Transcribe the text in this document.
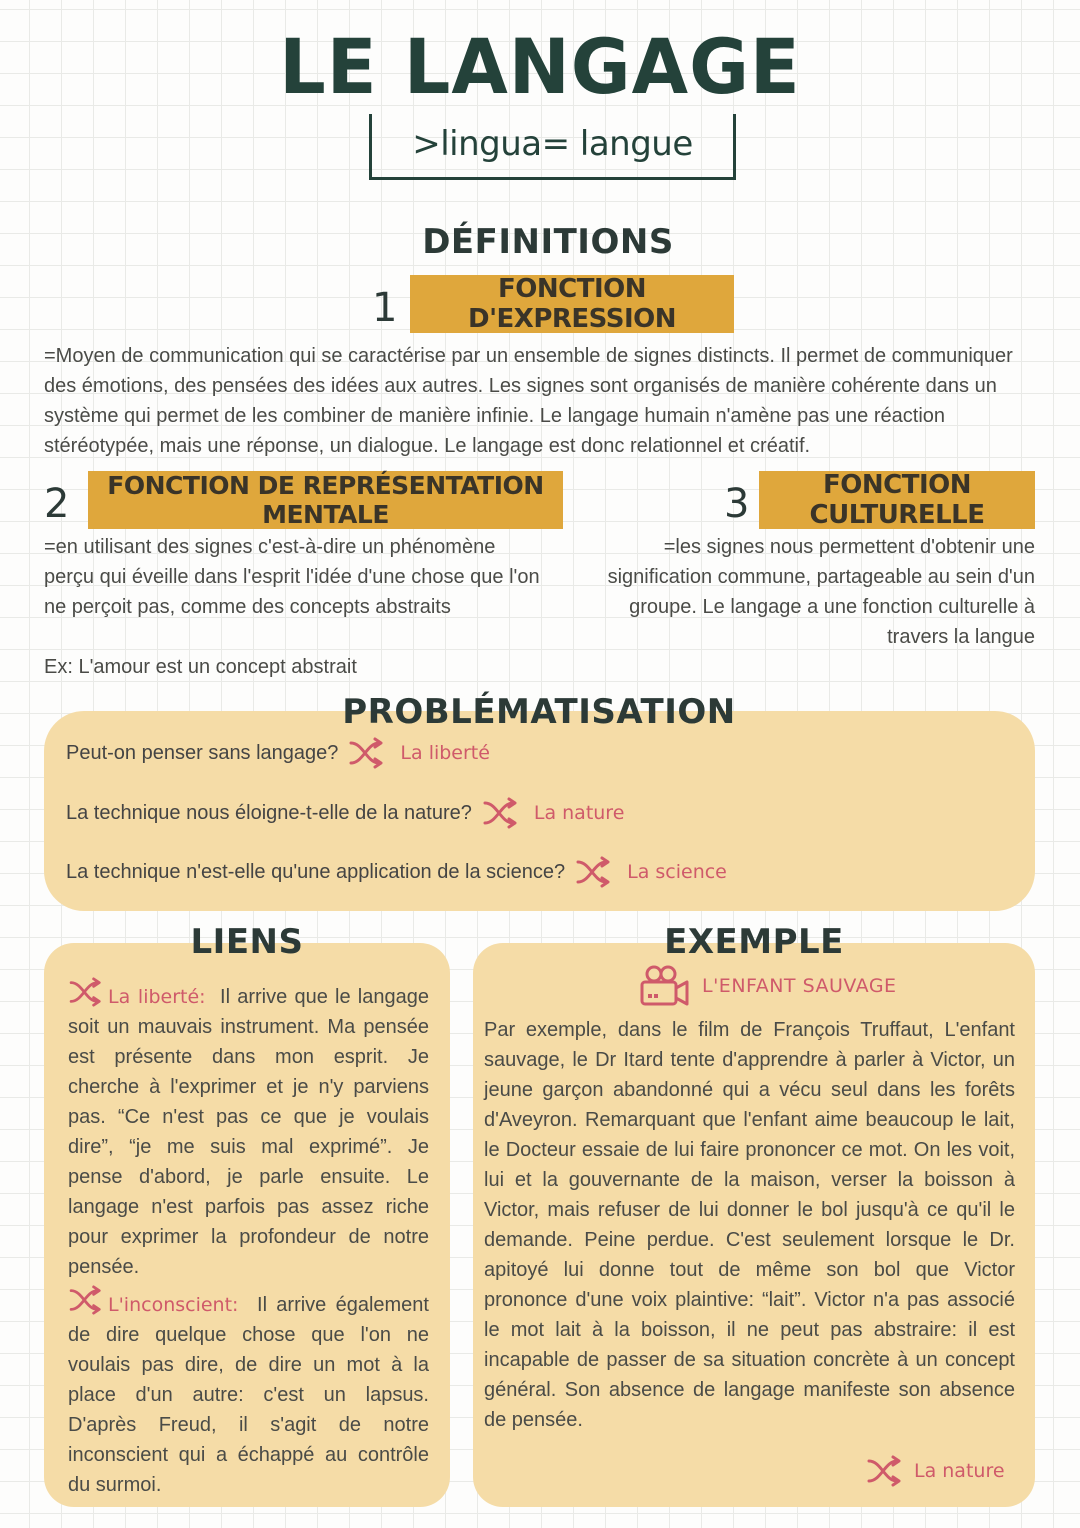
LE LANGAGE
>lingua= langue
DÉFINITIONS
1	FONCTION D'EXPRESSION
=Moyen de communication qui se caractérise par un ensemble de signes distincts. Il permet de communiquer des émotions, des pensées des idées aux autres. Les signes sont organisés de manière cohérente dans un système qui permet de les combiner de manière infinie. Le langage humain n'amène pas une réaction stéréotypée, mais une réponse, un dialogue. Le langage est donc relationnel et créatif.
2	FONCTION DE REPRÉSENTATION MENTALE
=en utilisant des signes c'est-à-dire un phénomène perçu qui éveille dans l'esprit l'idée d'une chose que l'on ne perçoit pas, comme des concepts abstraits
Ex: L'amour est un concept abstrait
3	FONCTION CULTURELLE
=les signes nous permettent d'obtenir une signification commune, partageable au sein d'un groupe. Le langage a une fonction culturelle à travers la langue
PROBLÉMATISATION
Peut-on penser sans langage?	La liberté
La technique nous éloigne-t-elle de la nature?	La nature
La technique n'est-elle qu'une application de la science?	La science
LIENS
La liberté: Il arrive que le langage soit un mauvais instrument. Ma pensée est présente dans mon esprit. Je cherche à l'exprimer et je n'y parviens pas. “Ce n'est pas ce que je voulais dire”, “je me suis mal exprimé”. Je pense d'abord, je parle ensuite. Le langage n'est parfois pas assez riche pour exprimer la profondeur de notre pensée.
L'inconscient: Il arrive également de dire quelque chose que l'on ne voulais pas dire, de dire un mot à la place d'un autre: c'est un lapsus. D'après Freud, il s'agit de notre inconscient qui a échappé au contrôle du surmoi.
EXEMPLE
L'ENFANT SAUVAGE
Par exemple, dans le film de François Truffaut, L'enfant sauvage, le Dr Itard tente d'apprendre à parler à Victor, un jeune garçon abandonné qui a vécu seul dans les forêts d'Aveyron. Remarquant que l'enfant aime beaucoup le lait, le Docteur essaie de lui faire prononcer ce mot. On les voit, lui et la gouvernante de la maison, verser la boisson à Victor, mais refuser de lui donner le bol jusqu'à ce qu'il le demande. Peine perdue. C'est seulement lorsque le Dr. apitoyé lui donne tout de même son bol que Victor prononce d'une voix plaintive: “lait”. Victor n'a pas associé le mot lait à la boisson, il ne peut pas abstraire: il est incapable de passer de sa situation concrète à un concept général. Son absence de langage manifeste son absence de pensée.
La nature
